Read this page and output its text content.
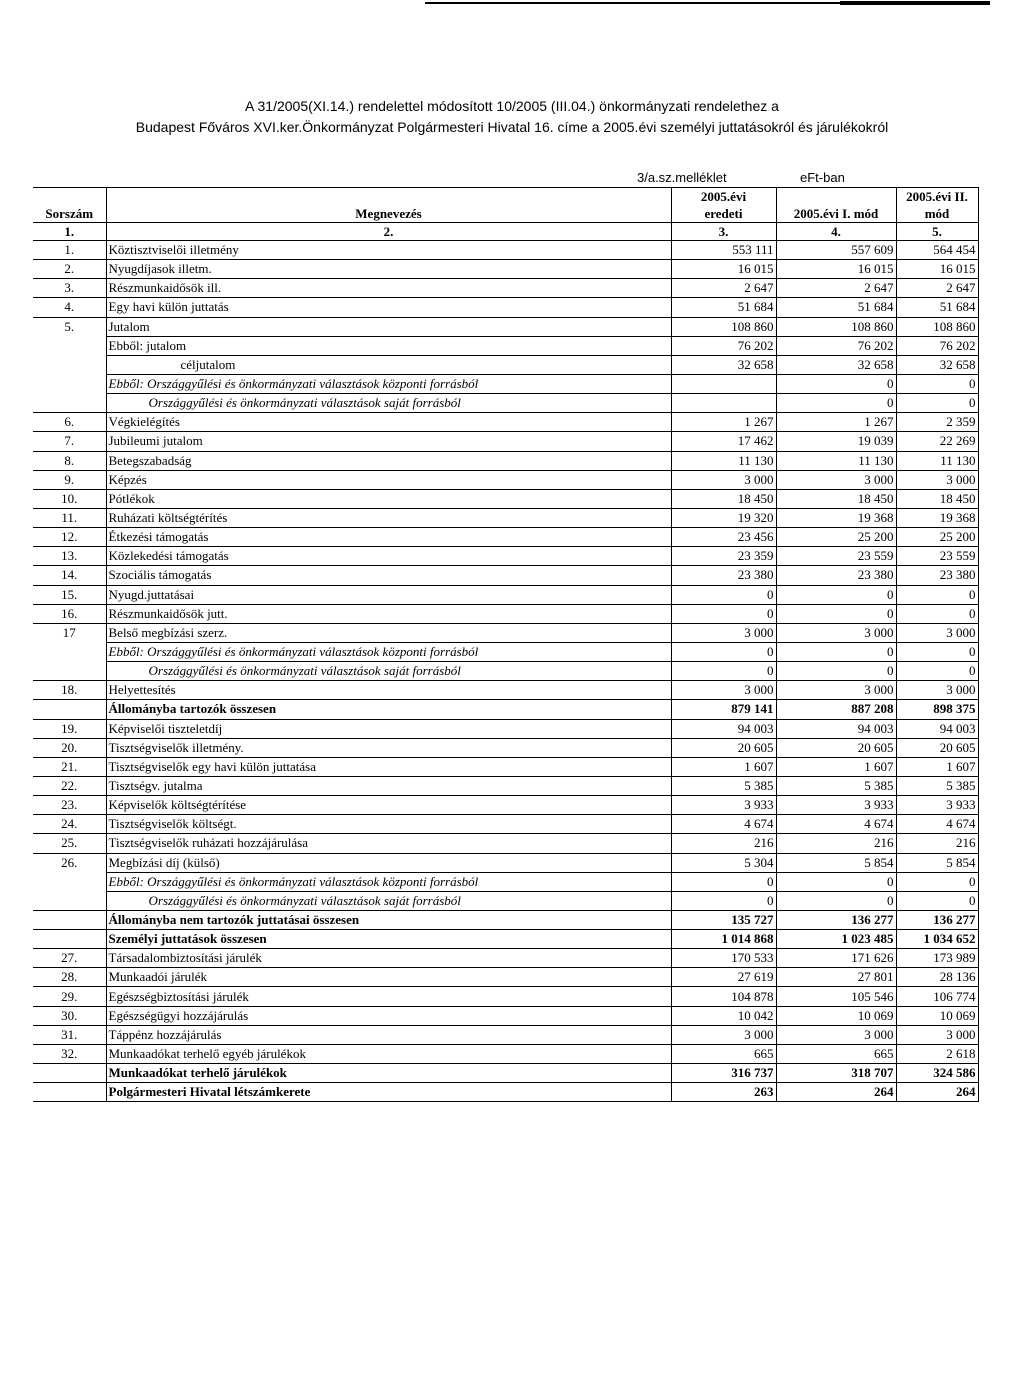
A 31/2005(XI.14.) rendelettel módosított 10/2005 (III.04.) önkormányzati rendelethez a
Budapest Főváros XVI.ker.Önkormányzat Polgármesteri Hivatal 16. címe a 2005.évi személyi juttatásokról és járulékokról
3/a.sz.melléklet	eFt-ban
		2005.évi		2005.évi II.
Sorszám	Megnevezés	eredeti	2005.évi I. mód	mód
1.	2.	3.	4.	5.
1.	Köztisztviselői illetmény	553 111	557 609	564 454
2.	Nyugdíjasok illetm.	16 015	16 015	16 015
3.	Részmunkaidősök ill.	2 647	2 647	2 647
4.	Egy havi külön juttatás	51 684	51 684	51 684
5.	Jutalom	108 860	108 860	108 860
	Ebből: jutalom	76 202	76 202	76 202
	céljutalom	32 658	32 658	32 658
	Ebből: Országgyűlési és önkormányzati választások központi forrásból		0	0
	Országgyűlési és önkormányzati választások saját forrásból		0	0
6.	Végkielégítés	1 267	1 267	2 359
7.	Jubileumi jutalom	17 462	19 039	22 269
8.	Betegszabadság	11 130	11 130	11 130
9.	Képzés	3 000	3 000	3 000
10.	Pótlékok	18 450	18 450	18 450
11.	Ruházati költségtérítés	19 320	19 368	19 368
12.	Étkezési támogatás	23 456	25 200	25 200
13.	Közlekedési támogatás	23 359	23 559	23 559
14.	Szociális támogatás	23 380	23 380	23 380
15.	Nyugd.juttatásai	0	0	0
16.	Részmunkaidősök jutt.	0	0	0
17	Belső megbízási szerz.	3 000	3 000	3 000
	Ebből: Országgyűlési és önkormányzati választások központi forrásból	0	0	0
	Országgyűlési és önkormányzati választások saját forrásból	0	0	0
18.	Helyettesítés	3 000	3 000	3 000
	Állományba tartozók összesen	879 141	887 208	898 375
19.	Képviselői tiszteletdíj	94 003	94 003	94 003
20.	Tisztségviselők illetmény.	20 605	20 605	20 605
21.	Tisztségviselők egy havi külön juttatása	1 607	1 607	1 607
22.	Tisztségv. jutalma	5 385	5 385	5 385
23.	Képviselők költségtérítése	3 933	3 933	3 933
24.	Tisztségviselők költségt.	4 674	4 674	4 674
25.	Tisztségviselők ruházati hozzájárulása	216	216	216
26.	Megbízási díj (külső)	5 304	5 854	5 854
	Ebből: Országgyűlési és önkormányzati választások központi forrásból	0	0	0
	Országgyűlési és önkormányzati választások saját forrásból	0	0	0
	Állományba nem tartozók juttatásai összesen	135 727	136 277	136 277
	Személyi juttatások összesen	1 014 868	1 023 485	1 034 652
27.	Társadalombiztosítási járulék	170 533	171 626	173 989
28.	Munkaadói járulék	27 619	27 801	28 136
29.	Egészségbiztosítási járulék	104 878	105 546	106 774
30.	Egészségügyi hozzájárulás	10 042	10 069	10 069
31.	Táppénz hozzájárulás	3 000	3 000	3 000
32.	Munkaadókat terhelő egyéb járulékok	665	665	2 618
	Munkaadókat terhelő járulékok	316 737	318 707	324 586
	Polgármesteri Hivatal létszámkerete	263	264	264
